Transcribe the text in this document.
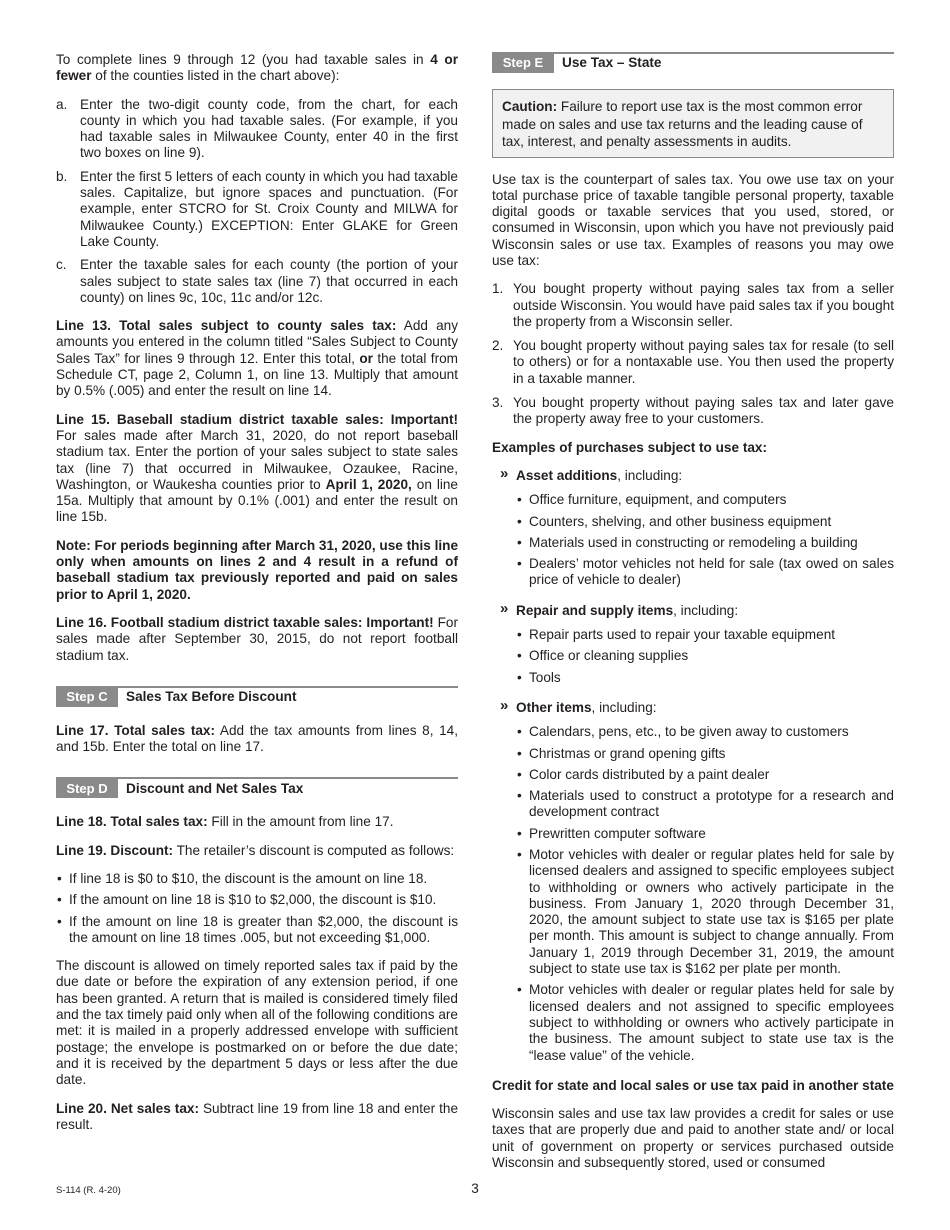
To complete lines 9 through 12 (you had taxable sales in 4 or fewer of the counties listed in the chart above):

a. Enter the two-digit county code, from the chart, for each county in which you had taxable sales. (For example, if you had taxable sales in Milwaukee County, enter 40 in the first two boxes on line 9).
b. Enter the first 5 letters of each county in which you had taxable sales. Capitalize, but ignore spaces and punctuation. (For example, enter STCRO for St. Croix County and MILWA for Milwaukee County.) EXCEPTION: Enter GLAKE for Green Lake County.
c. Enter the taxable sales for each county (the portion of your sales subject to state sales tax (line 7) that occurred in each county) on lines 9c, 10c, 11c and/or 12c.

Line 13. Total sales subject to county sales tax: Add any amounts you entered in the column titled “Sales Subject to County Sales Tax” for lines 9 through 12. Enter this total, or the total from Schedule CT, page 2, Column 1, on line 13. Multiply that amount by 0.5% (.005) and enter the result on line 14.

Line 15. Baseball stadium district taxable sales: Important! For sales made after March 31, 2020, do not report baseball stadium tax. Enter the portion of your sales subject to state sales tax (line 7) that occurred in Milwaukee, Ozaukee, Racine, Washington, or Waukesha counties prior to April 1, 2020, on line 15a. Multiply that amount by 0.1% (.001) and enter the result on line 15b.

Note: For periods beginning after March 31, 2020, use this line only when amounts on lines 2 and 4 result in a refund of baseball stadium tax previously reported and paid on sales prior to April 1, 2020.

Line 16. Football stadium district taxable sales: Important! For sales made after September 30, 2015, do not report football stadium tax.

Step C	Sales Tax Before Discount

Line 17. Total sales tax: Add the tax amounts from lines 8, 14, and 15b. Enter the total on line 17.

Step D	Discount and Net Sales Tax

Line 18. Total sales tax: Fill in the amount from line 17.

Line 19. Discount: The retailer’s discount is computed as follows:

• If line 18 is $0 to $10, the discount is the amount on line 18.
• If the amount on line 18 is $10 to $2,000, the discount is $10.
• If the amount on line 18 is greater than $2,000, the discount is the amount on line 18 times .005, but not exceeding $1,000.

The discount is allowed on timely reported sales tax if paid by the due date or before the expiration of any extension period, if one has been granted. A return that is mailed is considered timely filed and the tax timely paid only when all of the following conditions are met: it is mailed in a properly addressed envelope with sufficient postage; the envelope is postmarked on or before the due date; and it is received by the department 5 days or less after the due date.

Line 20. Net sales tax: Subtract line 19 from line 18 and enter the result.

Step E	Use Tax – State
Caution: Failure to report use tax is the most common error made on sales and use tax returns and the leading cause of tax, interest, and penalty assessments in audits.

Use tax is the counterpart of sales tax. You owe use tax on your total purchase price of taxable tangible personal property, taxable digital goods or taxable services that you used, stored, or consumed in Wisconsin, upon which you have not previously paid Wisconsin sales or use tax. Examples of reasons you may owe use tax:

1. You bought property without paying sales tax from a seller outside Wisconsin. You would have paid sales tax if you bought the property from a Wisconsin seller.
2. You bought property without paying sales tax for resale (to sell to others) or for a nontaxable use. You then used the property in a taxable manner.
3. You bought property without paying sales tax and later gave the property away free to your customers.
Examples of purchases subject to use tax:
» Asset additions, including:
• Office furniture, equipment, and computers
• Counters, shelving, and other business equipment
• Materials used in constructing or remodeling a building
• Dealers’ motor vehicles not held for sale (tax owed on sales price of vehicle to dealer)
» Repair and supply items, including:
• Repair parts used to repair your taxable equipment
• Office or cleaning supplies
• Tools
» Other items, including:
• Calendars, pens, etc., to be given away to customers
• Christmas or grand opening gifts
• Color cards distributed by a paint dealer
• Materials used to construct a prototype for a research and development contract
• Prewritten computer software
• Motor vehicles with dealer or regular plates held for sale by licensed dealers and assigned to specific employees subject to withholding or owners who actively participate in the business. From January 1, 2020 through December 31, 2020, the amount subject to state use tax is $165 per plate per month. This amount is subject to change annually. From January 1, 2019 through December 31, 2019, the amount subject to state use tax is $162 per plate per month.
• Motor vehicles with dealer or regular plates held for sale by licensed dealers and not assigned to specific employees subject to withholding or owners who actively participate in the business. The amount subject to state use tax is the “lease value” of the vehicle.
Credit for state and local sales or use tax paid in another state

Wisconsin sales and use tax law provides a credit for sales or use taxes that are properly due and paid to another state and/ or local unit of government on property or services purchased outside Wisconsin and subsequently stored, used or consumed

S-114 (R. 4-20)	3
